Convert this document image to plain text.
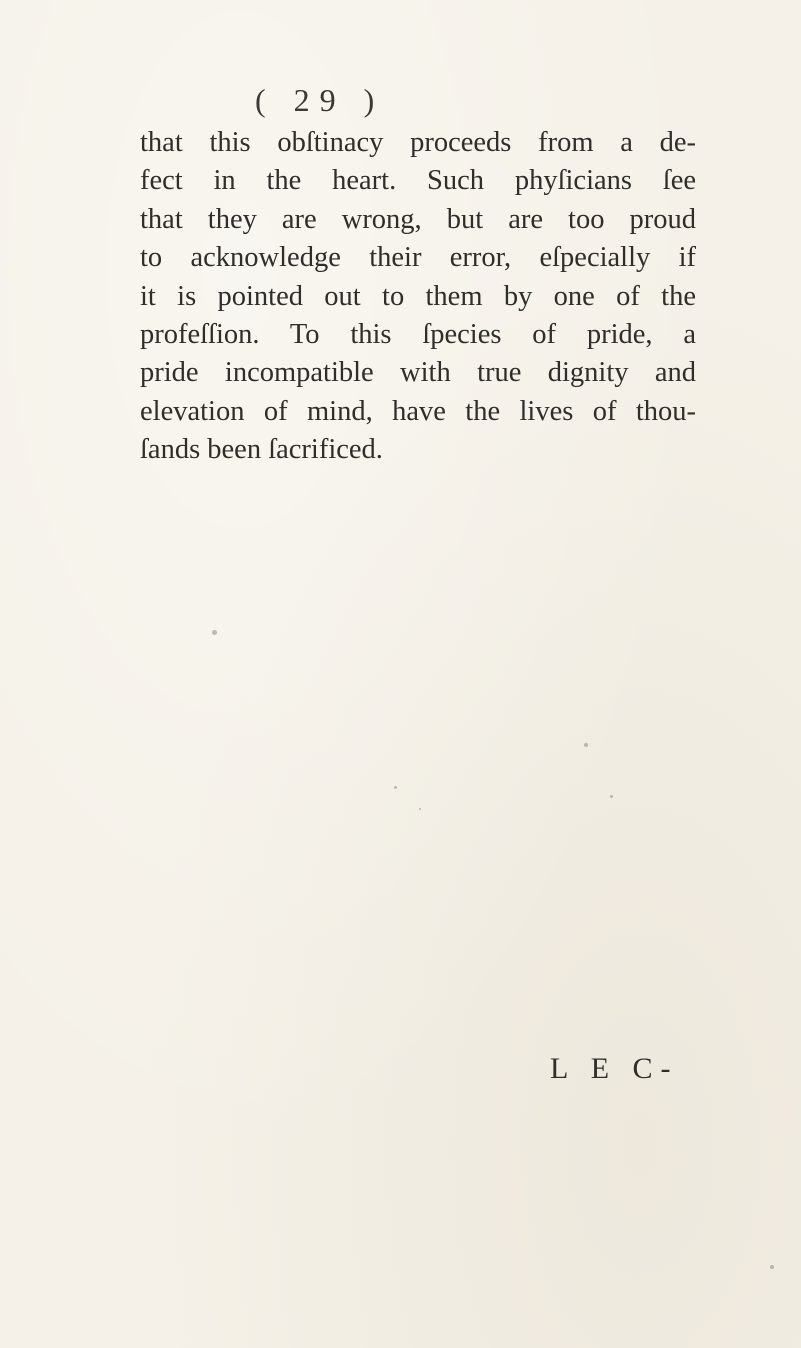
( 29 )

that this obſtinacy proceeds from a de-
fect in the heart. Such phyſicians ſee
that they are wrong, but are too proud
to acknowledge their error, eſpecially if
it is pointed out to them by one of the
profeſſion. To this ſpecies of pride, a
pride incompatible with true dignity and
elevation of mind, have the lives of thou-
ſands been ſacrificed.

L E C-
